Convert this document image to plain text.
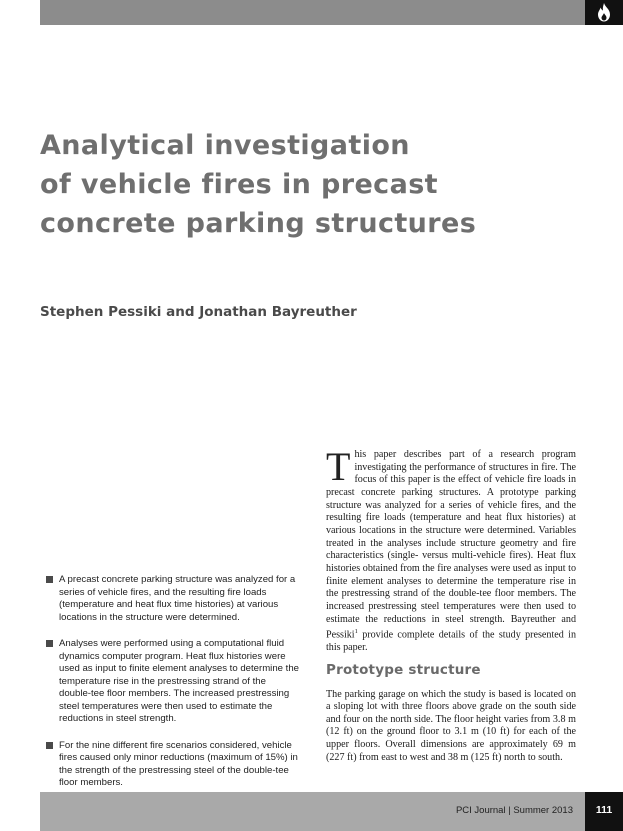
Analytical investigation
of vehicle fires in precast
concrete parking structures
Stephen Pessiki and Jonathan Bayreuther
A precast concrete parking structure was analyzed for a series of vehicle fires, and the resulting fire loads (temperature and heat flux time histories) at various locations in the structure were determined.
Analyses were performed using a computational fluid dynamics computer program. Heat flux histories were used as input to finite element analyses to determine the temperature rise in the prestressing strand of the double-tee floor members. The increased prestressing steel temperatures were then used to estimate the reductions in steel strength.
For the nine different fire scenarios considered, vehicle fires caused only minor reductions (maximum of 15%) in the strength of the prestressing steel of the double-tee floor members.

This paper describes part of a research program investigating the performance of structures in fire. The focus of this paper is the effect of vehicle fire loads in precast concrete parking structures. A prototype parking structure was analyzed for a series of vehicle fires, and the resulting fire loads (temperature and heat flux histories) at various locations in the structure were determined. Variables treated in the analyses include structure geometry and fire characteristics (single- versus multi-vehicle fires). Heat flux histories obtained from the fire analyses were used as input to finite element analyses to determine the temperature rise in the prestressing strand of the double-tee floor members. The increased prestressing steel temperatures were then used to estimate the reductions in steel strength. Bayreuther and Pessiki$^1$ provide complete details of the study presented in this paper.

Prototype structure

The parking garage on which the study is based is located on a sloping lot with three floors above grade on the south side and four on the north side. The floor height varies from 3.8 m (12 ft) on the ground floor to 3.1 m (10 ft) for each of the upper floors. Overall dimensions are approximately 69 m (227 ft) from east to west and 38 m (125 ft) north to south.

PCI Journal | Summer 2013	111
